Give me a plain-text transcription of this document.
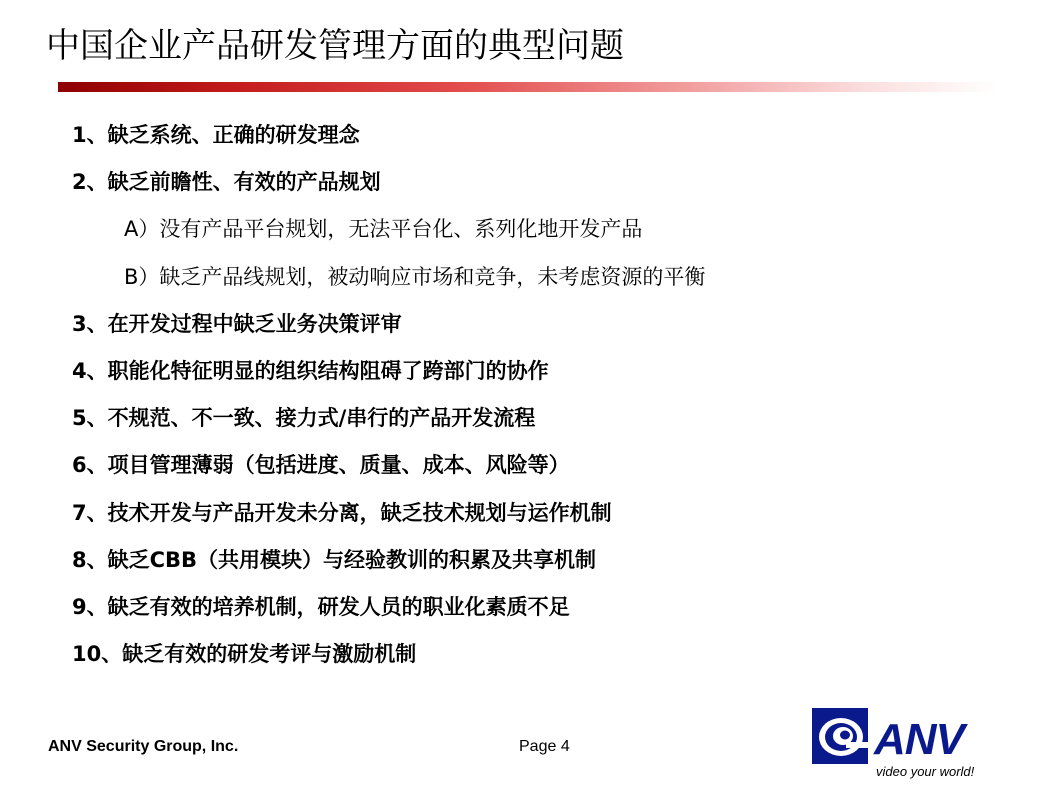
中国企业产品研发管理方面的典型问题
1、缺乏系统、正确的研发理念
2、缺乏前瞻性、有效的产品规划
A）没有产品平台规划，无法平台化、系列化地开发产品
B）缺乏产品线规划，被动响应市场和竞争，未考虑资源的平衡
3、在开发过程中缺乏业务决策评审
4、职能化特征明显的组织结构阻碍了跨部门的协作
5、不规范、不一致、接力式/串行的产品开发流程
6、项目管理薄弱（包括进度、质量、成本、风险等）
7、技术开发与产品开发未分离，缺乏技术规划与运作机制
8、缺乏CBB（共用模块）与经验教训的积累及共享机制
9、缺乏有效的培养机制，研发人员的职业化素质不足
10、缺乏有效的研发考评与激励机制
ANV Security Group, Inc.	Page 4	ANV
video your world!
